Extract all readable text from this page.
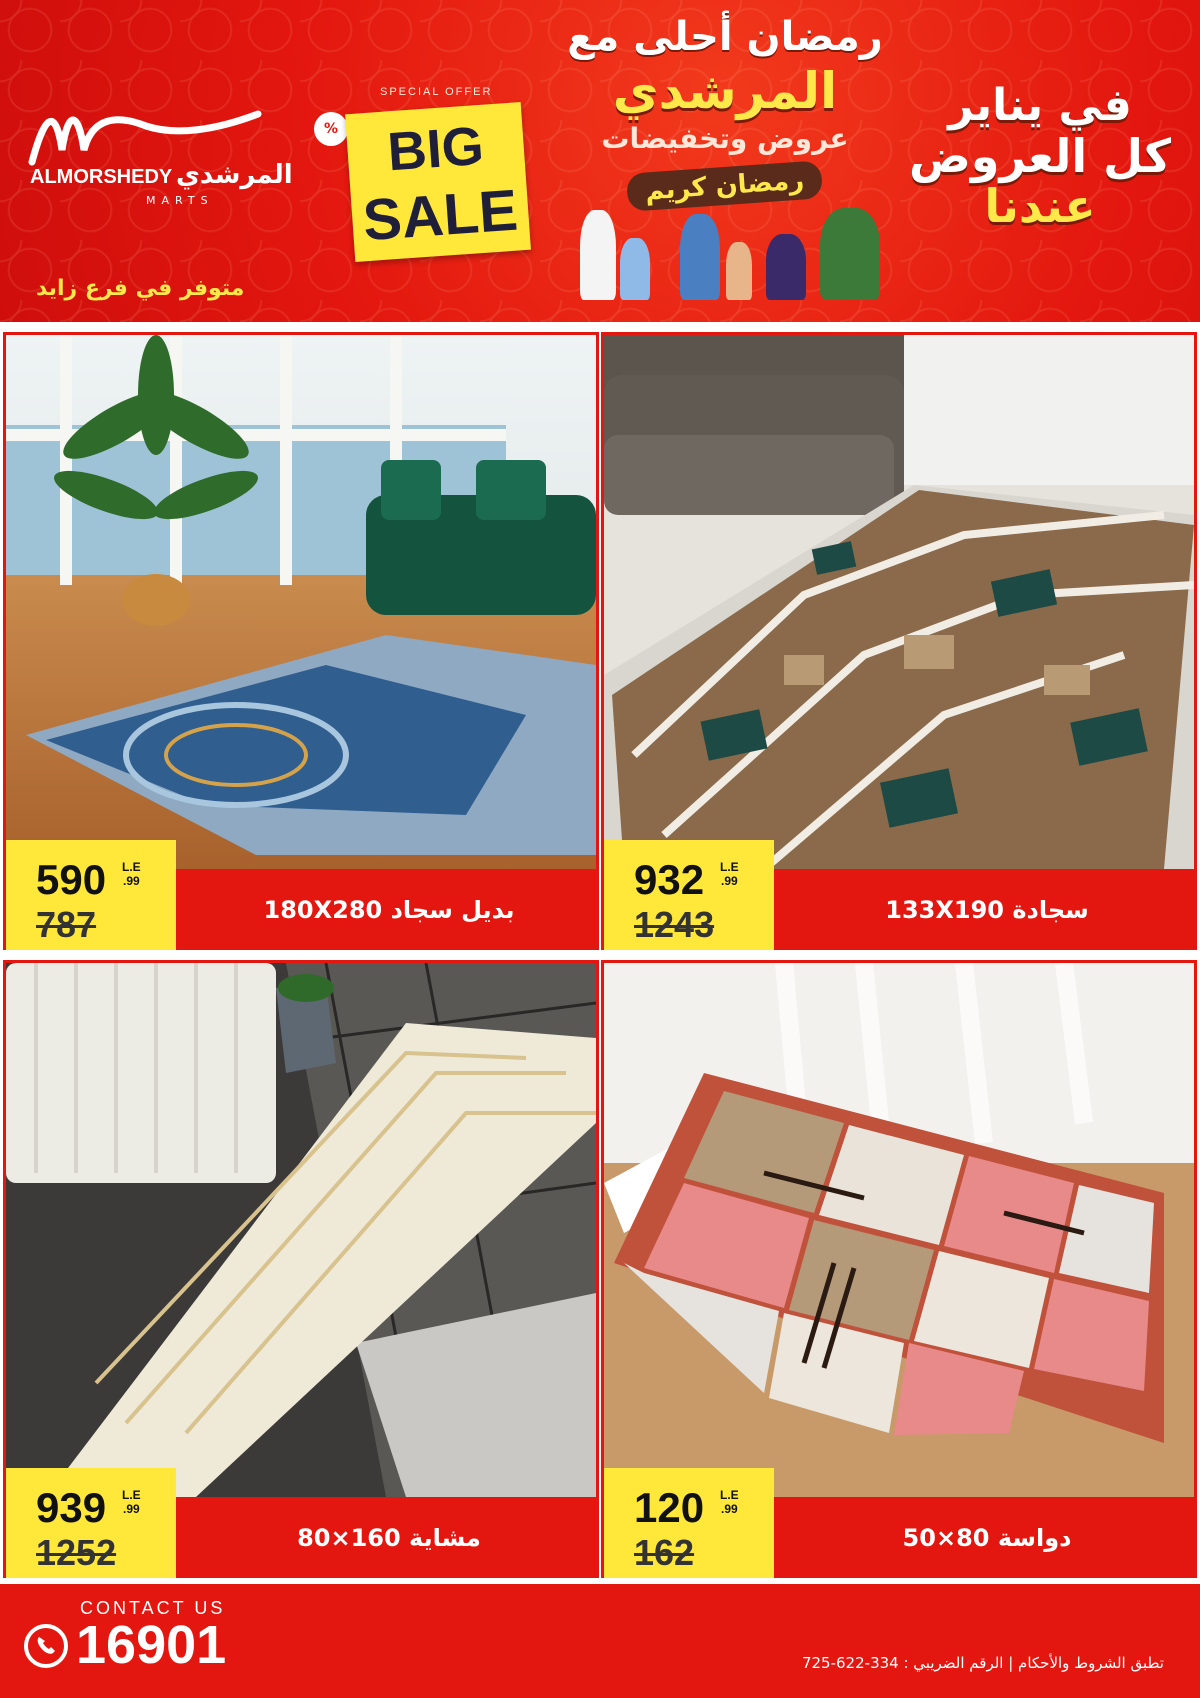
ALMORSHEDY المرشدي
MARTS
متوفر في فرع زايد
SPECIAL OFFER
% BIG
SALE
رمضان أحلى مع
المرشدي
عروض وتخفيضات
رمضان كريم
في يناير
كل العروض
عندنا
بديل سجاد 180X280
590 L.E
.99
787	سجادة 133X190
932 L.E
.99
1243
مشاية 160×80
939 L.E
.99
1252	دواسة 80×50
120 L.E
.99
162
CONTACT US
16901	تطبق الشروط والأحكام | الرقم الضريبي : 334-622-725
